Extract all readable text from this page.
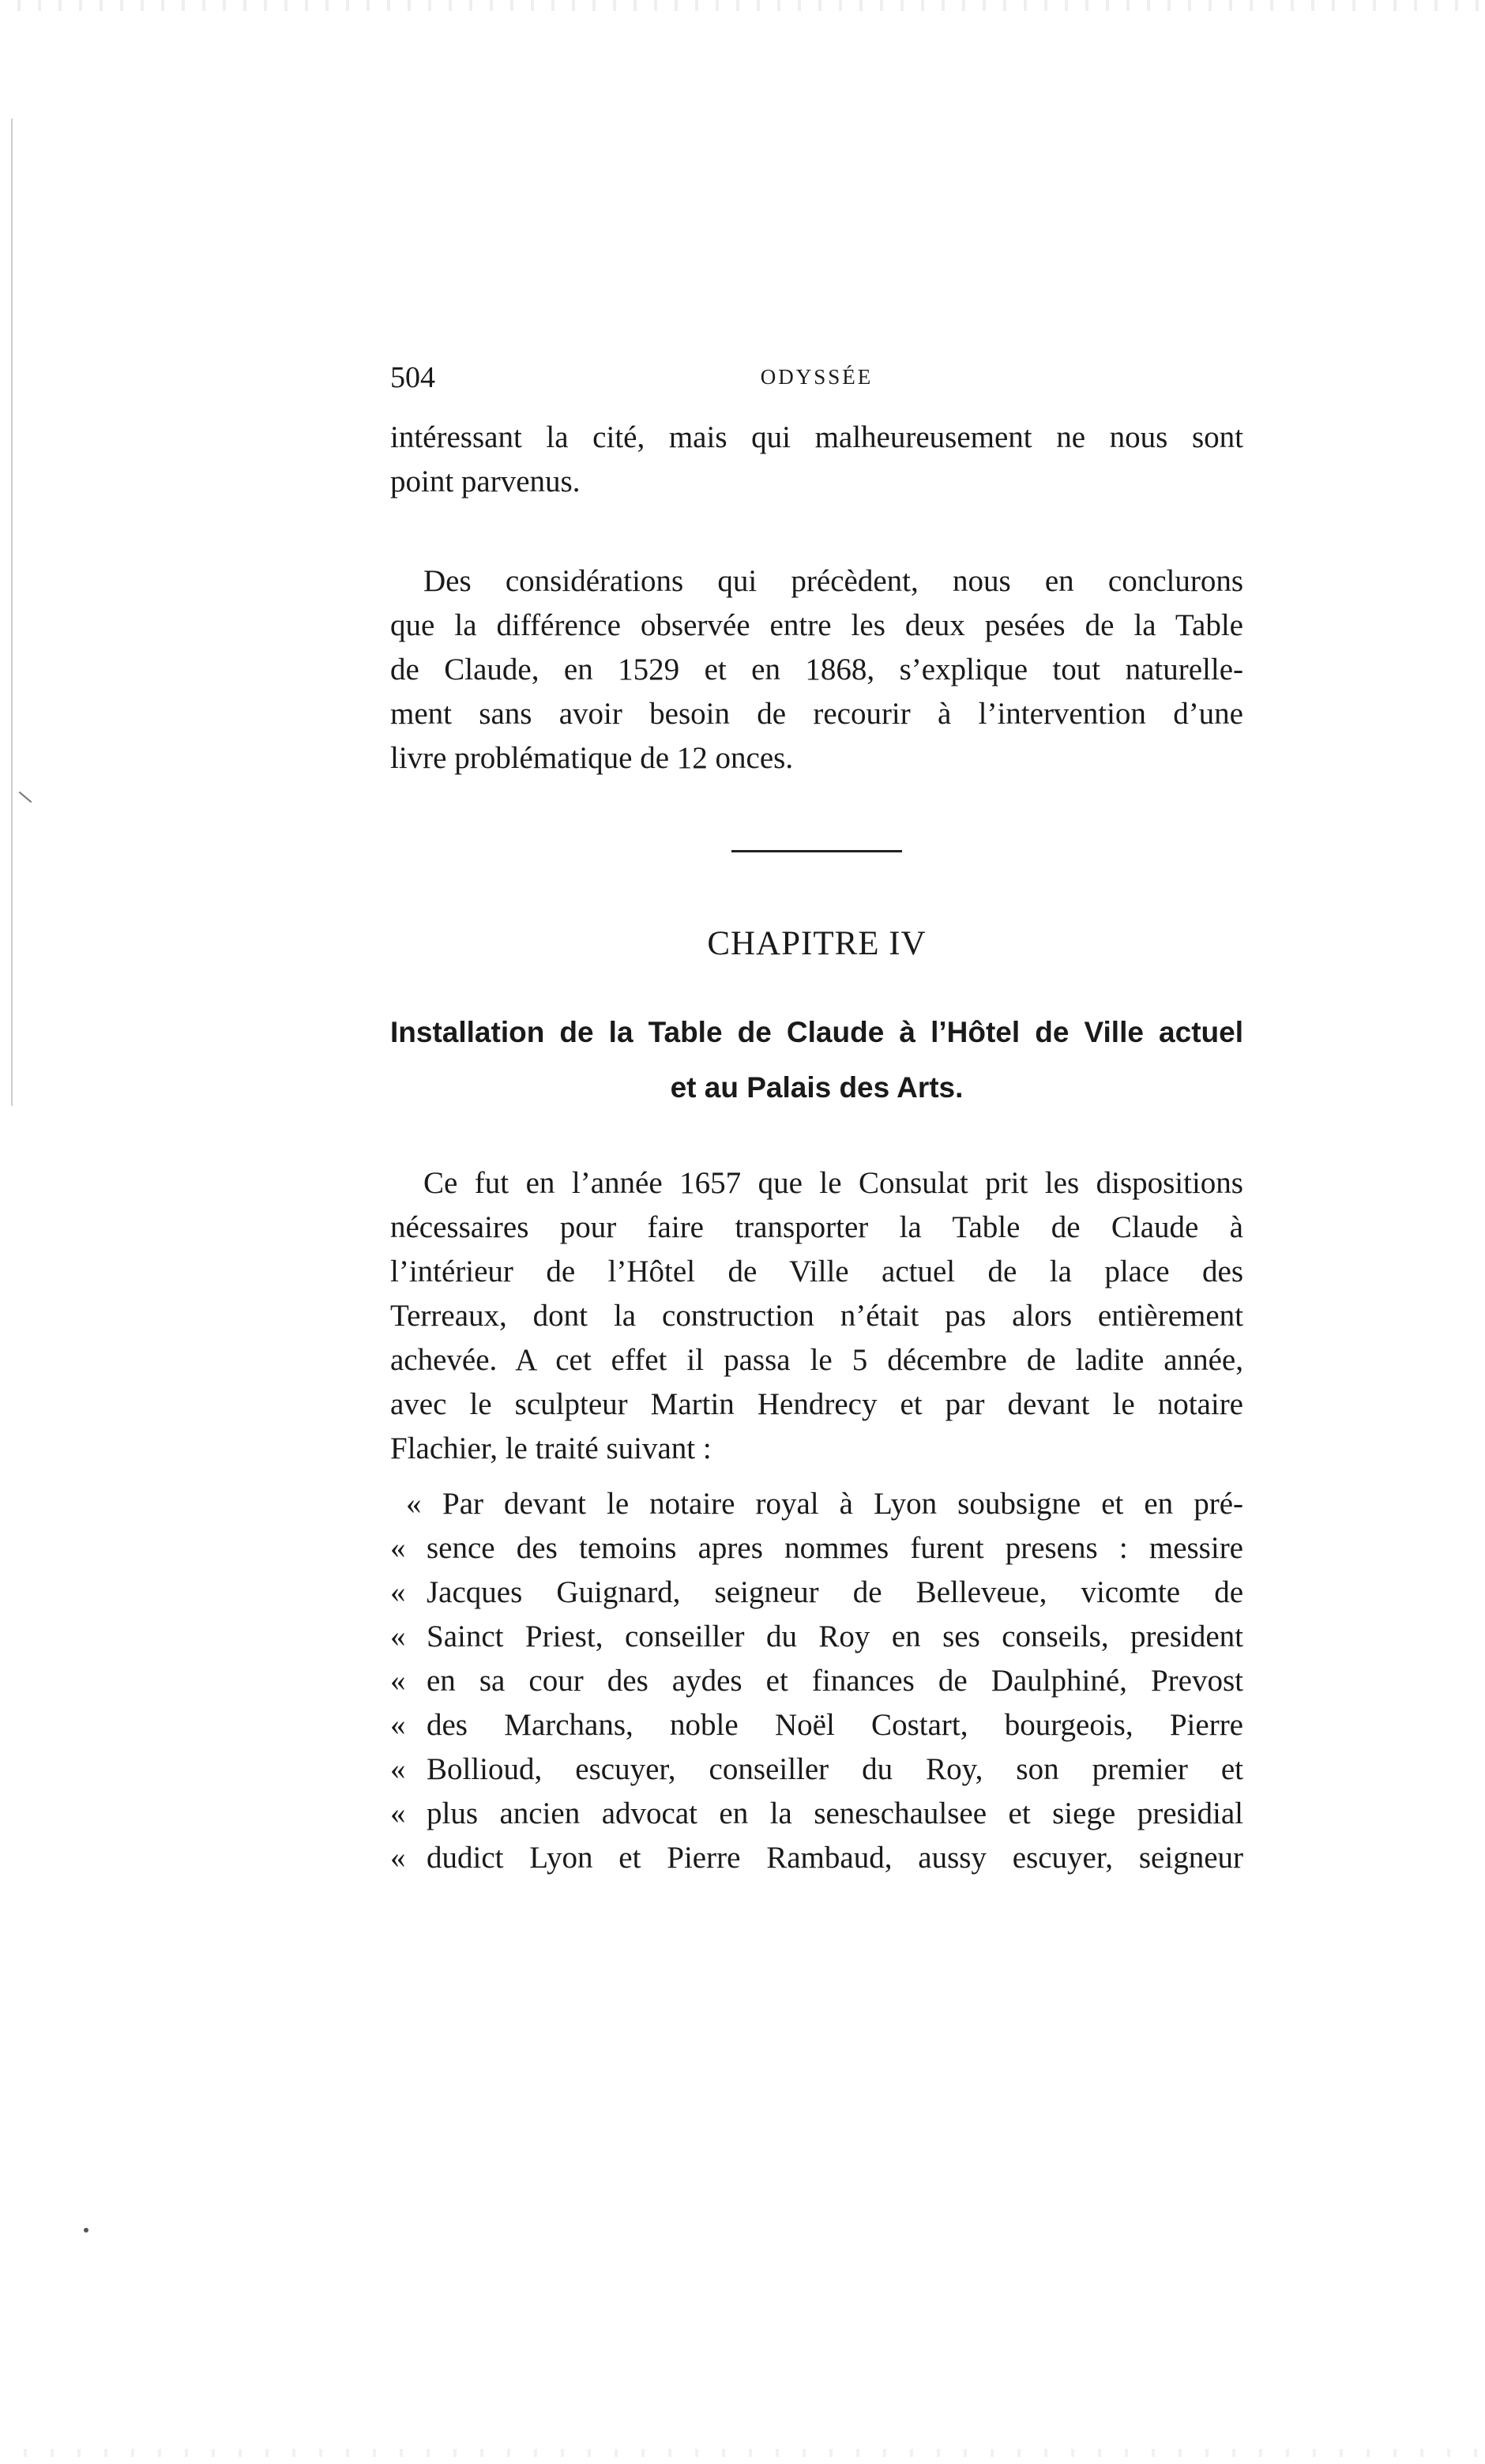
504	ODYSSÉE
intéressant la cité, mais qui malheureusement ne nous sont
point parvenus.
Des considérations qui précèdent, nous en conclurons
que la différence observée entre les deux pesées de la Table
de Claude, en 1529 et en 1868, s’explique tout naturelle-
ment sans avoir besoin de recourir à l’intervention d’une
livre problématique de 12 onces.
CHAPITRE IV
Installation de la Table de Claude à l’Hôtel de Ville actuel
et au Palais des Arts.
Ce fut en l’année 1657 que le Consulat prit les dispositions
nécessaires pour faire transporter la Table de Claude à
l’intérieur de l’Hôtel de Ville actuel de la place des
Terreaux, dont la construction n’était pas alors entièrement
achevée. A cet effet il passa le 5 décembre de ladite année,
avec le sculpteur Martin Hendrecy et par devant le notaire
Flachier, le traité suivant :
« Par devant le notaire royal à Lyon soubsigne et en pré-
« sence des temoins apres nommes furent presens : messire
« Jacques Guignard, seigneur de Belleveue, vicomte de
« Sainct Priest, conseiller du Roy en ses conseils, president
« en sa cour des aydes et finances de Daulphiné, Prevost
« des Marchans, noble Noël Costart, bourgeois, Pierre
« Bollioud, escuyer, conseiller du Roy, son premier et
« plus ancien advocat en la seneschaulsee et siege presidial
« dudict Lyon et Pierre Rambaud, aussy escuyer, seigneur
